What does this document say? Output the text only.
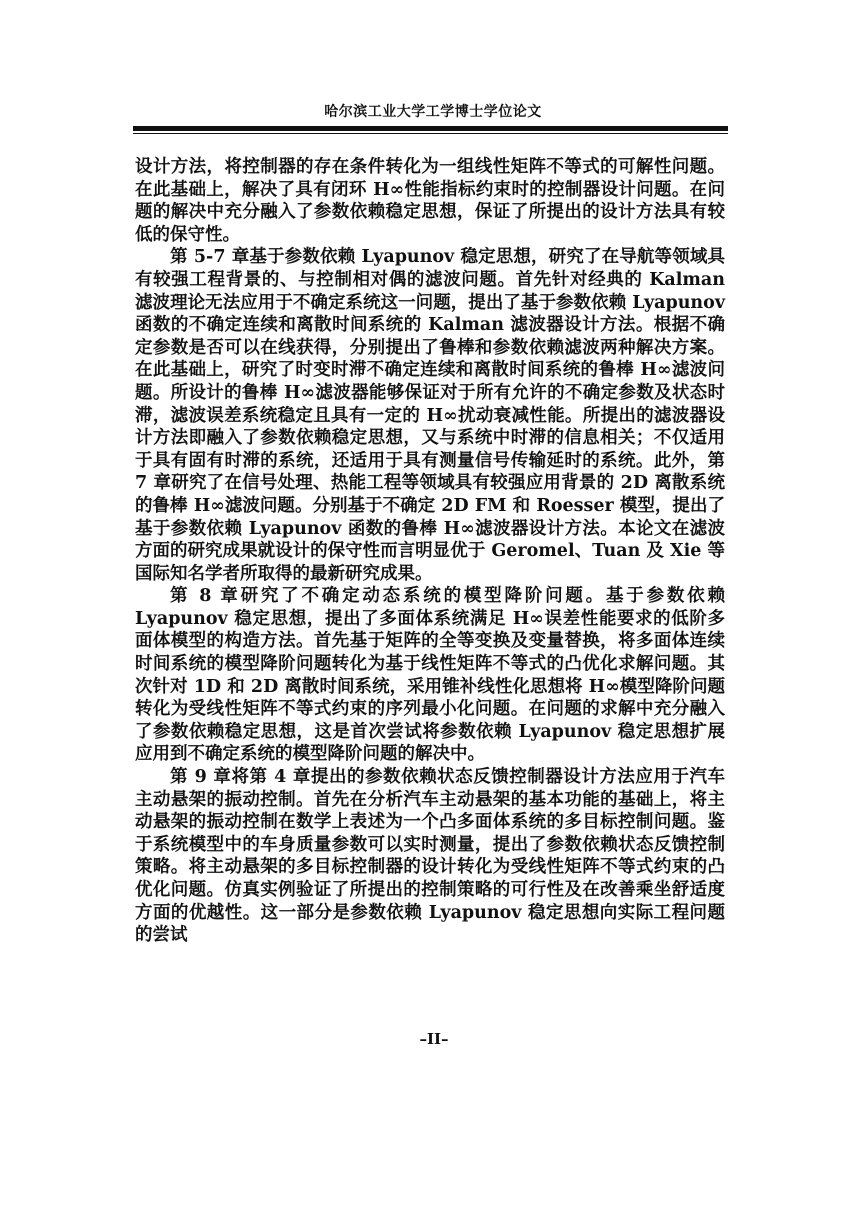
哈尔滨工业大学工学博士学位论文

设计方法，将控制器的存在条件转化为一组线性矩阵不等式的可解性问题。在此基础上，解决了具有闭环 H∞性能指标约束时的控制器设计问题。在问题的解决中充分融入了参数依赖稳定思想，保证了所提出的设计方法具有较低的保守性。

第 5-7 章基于参数依赖 Lyapunov 稳定思想，研究了在导航等领域具有较强工程背景的、与控制相对偶的滤波问题。首先针对经典的 Kalman 滤波理论无法应用于不确定系统这一问题，提出了基于参数依赖 Lyapunov 函数的不确定连续和离散时间系统的 Kalman 滤波器设计方法。根据不确定参数是否可以在线获得，分别提出了鲁棒和参数依赖滤波两种解决方案。在此基础上，研究了时变时滞不确定连续和离散时间系统的鲁棒 H∞滤波问题。所设计的鲁棒 H∞滤波器能够保证对于所有允许的不确定参数及状态时滞，滤波误差系统稳定且具有一定的 H∞扰动衰减性能。所提出的滤波器设计方法即融入了参数依赖稳定思想，又与系统中时滞的信息相关；不仅适用于具有固有时滞的系统，还适用于具有测量信号传输延时的系统。此外，第 7 章研究了在信号处理、热能工程等领域具有较强应用背景的 2D 离散系统的鲁棒 H∞滤波问题。分别基于不确定 2D FM 和 Roesser 模型，提出了基于参数依赖 Lyapunov 函数的鲁棒 H∞滤波器设计方法。本论文在滤波方面的研究成果就设计的保守性而言明显优于 Geromel、Tuan 及 Xie 等国际知名学者所取得的最新研究成果。

第 8 章研究了不确定动态系统的模型降阶问题。基于参数依赖 Lyapunov 稳定思想，提出了多面体系统满足 H∞误差性能要求的低阶多面体模型的构造方法。首先基于矩阵的全等变换及变量替换，将多面体连续时间系统的模型降阶问题转化为基于线性矩阵不等式的凸优化求解问题。其次针对 1D 和 2D 离散时间系统，采用锥补线性化思想将 H∞模型降阶问题转化为受线性矩阵不等式约束的序列最小化问题。在问题的求解中充分融入了参数依赖稳定思想，这是首次尝试将参数依赖 Lyapunov 稳定思想扩展应用到不确定系统的模型降阶问题的解决中。

第 9 章将第 4 章提出的参数依赖状态反馈控制器设计方法应用于汽车主动悬架的振动控制。首先在分析汽车主动悬架的基本功能的基础上，将主动悬架的振动控制在数学上表述为一个凸多面体系统的多目标控制问题。鉴于系统模型中的车身质量参数可以实时测量，提出了参数依赖状态反馈控制策略。将主动悬架的多目标控制器的设计转化为受线性矩阵不等式约束的凸优化问题。仿真实例验证了所提出的控制策略的可行性及在改善乘坐舒适度方面的优越性。这一部分是参数依赖 Lyapunov 稳定思想向实际工程问题的尝试

–II–
